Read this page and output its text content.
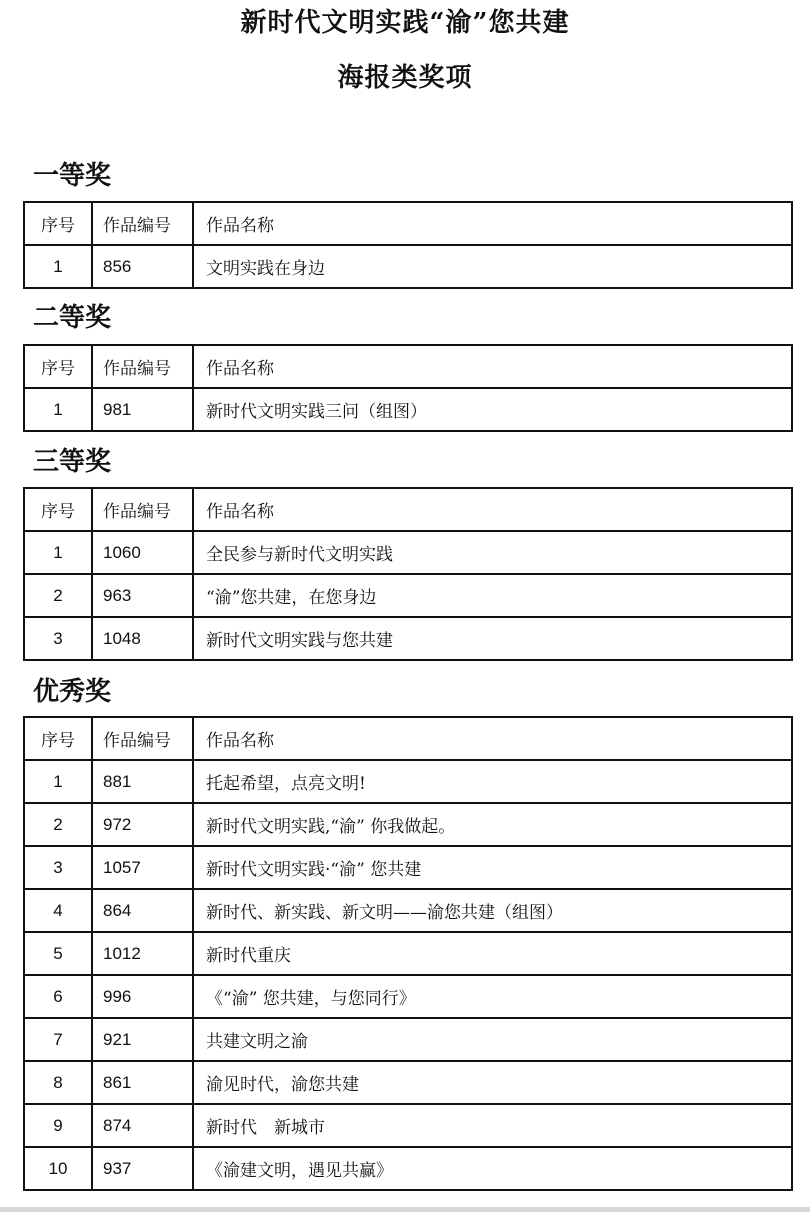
新时代文明实践“渝”您共建
海报类奖项
一等奖
序号	作品编号	作品名称
1	856	文明实践在身边
二等奖
序号	作品编号	作品名称
1	981	新时代文明实践三问（组图）
三等奖
序号	作品编号	作品名称
1	1060	全民参与新时代文明实践
2	963	“渝”您共建，在您身边
3	1048	新时代文明实践与您共建
优秀奖
序号	作品编号	作品名称
1	881	托起希望，点亮文明!
2	972	新时代文明实践,“渝” 你我做起。
3	1057	新时代文明实践·“渝” 您共建
4	864	新时代、新实践、新文明——渝您共建（组图）
5	1012	新时代重庆
6	996	《“渝” 您共建，与您同行》
7	921	共建文明之渝
8	861	渝见时代，渝您共建
9	874	新时代　新城市
10	937	《渝建文明，遇见共赢》
